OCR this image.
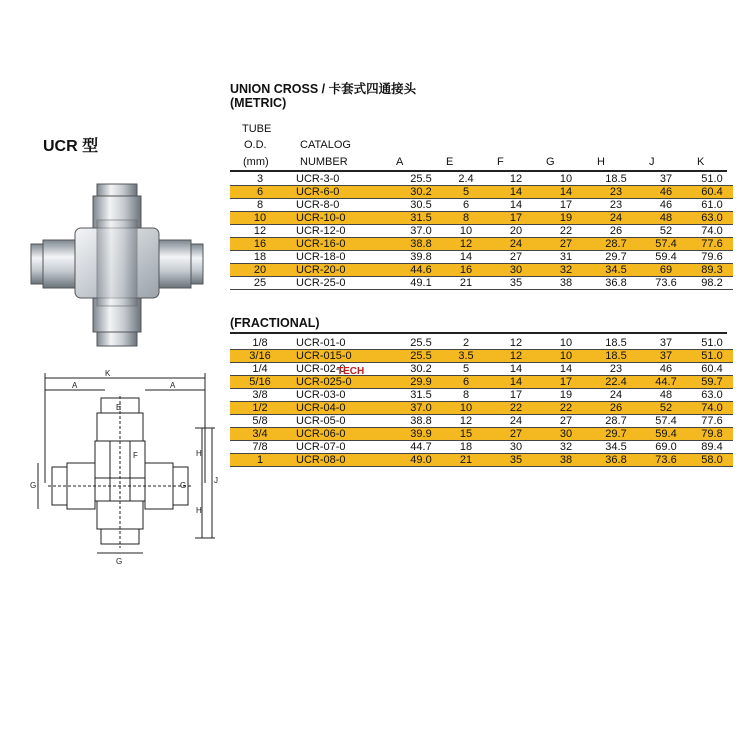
UNION CROSS / 卡套式四通接头
(METRIC)
UCR 型
TUBE
O.D.
(mm)
CATALOG
NUMBER	A	E	F	G	H	J	K
3	UCR-3-0	25.5	2.4	12	10	18.5	37	51.0
6	UCR-6-0	30.2	5	14	14	23	46	60.4
8	UCR-8-0	30.5	6	14	17	23	46	61.0
10	UCR-10-0	31.5	8	17	19	24	48	63.0
12	UCR-12-0	37.0	10	20	22	26	52	74.0
16	UCR-16-0	38.8	12	24	27	28.7	57.4	77.6
18	UCR-18-0	39.8	14	27	31	29.7	59.4	79.6
20	UCR-20-0	44.6	16	30	32	34.5	69	89.3
25	UCR-25-0	49.1	21	35	38	36.8	73.6	98.2
(FRACTIONAL)
1/8	UCR-01-0	25.5	2	12	10	18.5	37	51.0
3/16	UCR-015-0	25.5	3.5	12	10	18.5	37	51.0
1/4	UCR-02-0	30.2	5	14	14	23	46	60.4
5/16	UCR-025-0	29.9	6	14	17	22.4	44.7	59.7
3/8	UCR-03-0	31.5	8	17	19	24	48	63.0
1/2	UCR-04-0	37.0	10	22	22	26	52	74.0
5/8	UCR-05-0	38.8	12	24	27	28.7	57.4	77.6
3/4	UCR-06-0	39.9	15	27	30	29.7	59.4	79.8
7/8	UCR-07-0	44.7	18	30	32	34.5	69.0	89.4
1	UCR-08-0	49.0	21	35	38	36.8	73.6	58.0
TECH
K
A	A
E
F
G	G
G
H
H
J
